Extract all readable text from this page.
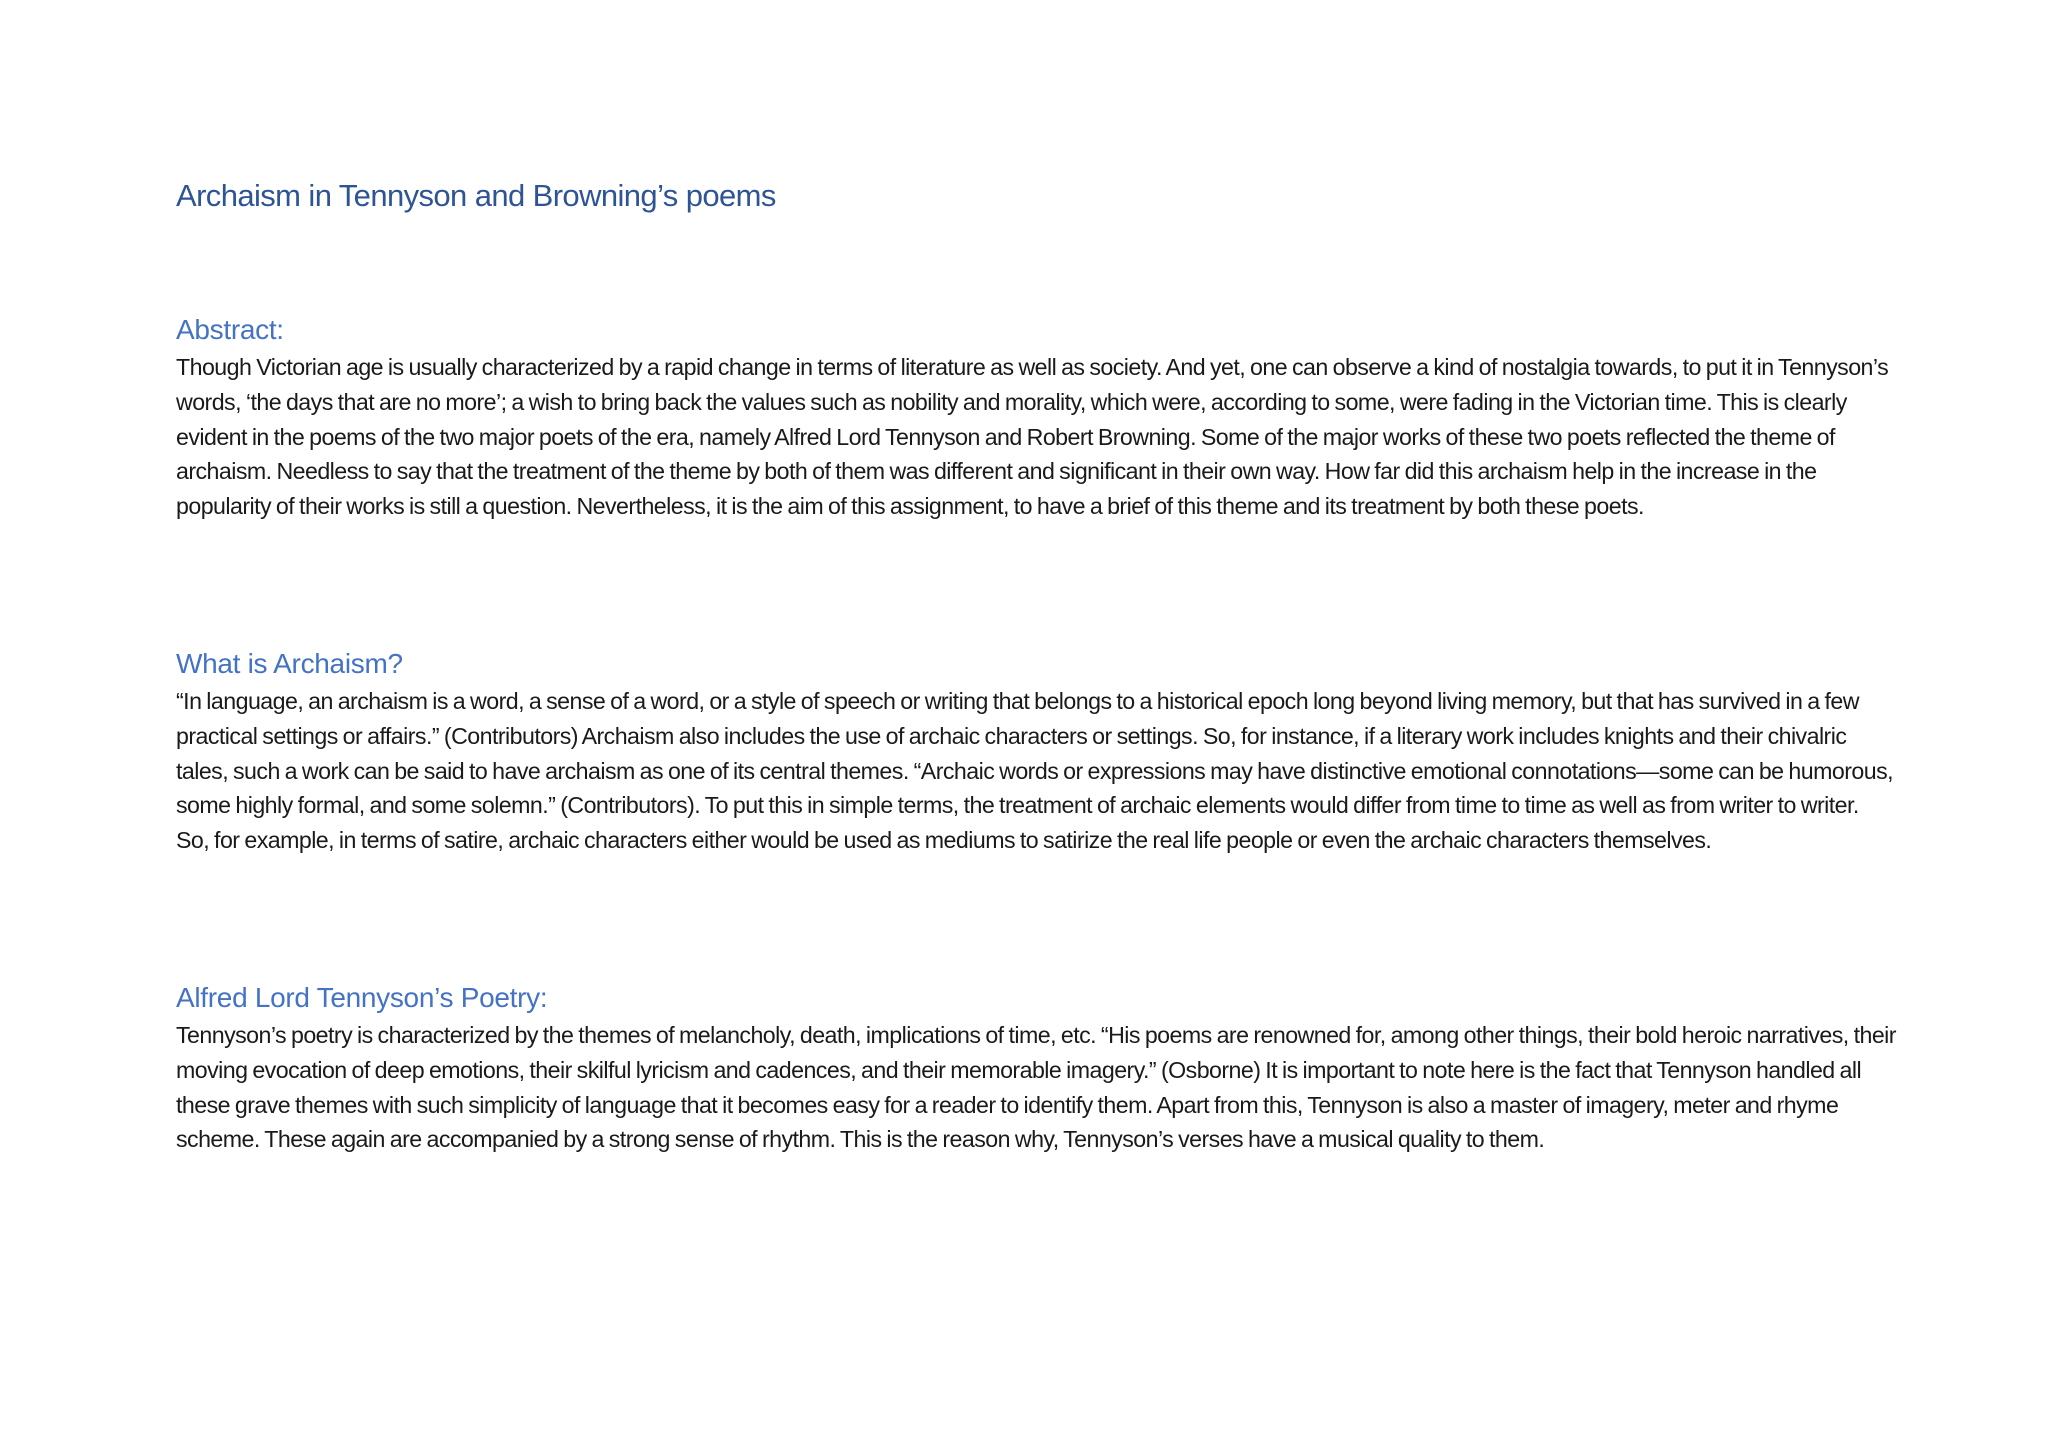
Archaism in Tennyson and Browning’s poems
Abstract:

Though Victorian age is usually characterized by a rapid change in terms of literature as well as society. And yet, one can observe a kind of nostalgia towards, to put it in Tennyson’s words, ‘the days that are no more’; a wish to bring back the values such as nobility and morality, which were, according to some, were fading in the Victorian time. This is clearly evident in the poems of the two major poets of the era, namely Alfred Lord Tennyson and Robert Browning. Some of the major works of these two poets reflected the theme of archaism. Needless to say that the treatment of the theme by both of them was different and significant in their own way. How far did this archaism help in the increase in the popularity of their works is still a question. Nevertheless, it is the aim of this assignment, to have a brief of this theme and its treatment by both these poets.

What is Archaism?

“In language, an archaism is a word, a sense of a word, or a style of speech or writing that belongs to a historical epoch long beyond living memory, but that has survived in a few practical settings or affairs.” (Contributors) Archaism also includes the use of archaic characters or settings. So, for instance, if a literary work includes knights and their chivalric tales, such a work can be said to have archaism as one of its central themes. “Archaic words or expressions may have distinctive emotional connotations—some can be humorous, some highly formal, and some solemn.” (Contributors). To put this in simple terms, the treatment of archaic elements would differ from time to time as well as from writer to writer. So, for example, in terms of satire, archaic characters either would be used as mediums to satirize the real life people or even the archaic characters themselves.

Alfred Lord Tennyson’s Poetry:

Tennyson’s poetry is characterized by the themes of melancholy, death, implications of time, etc. “His poems are renowned for, among other things, their bold heroic narratives, their moving evocation of deep emotions, their skilful lyricism and cadences, and their memorable imagery.” (Osborne) It is important to note here is the fact that Tennyson handled all these grave themes with such simplicity of language that it becomes easy for a reader to identify them. Apart from this, Tennyson is also a master of imagery, meter and rhyme scheme. These again are accompanied by a strong sense of rhythm. This is the reason why, Tennyson’s verses have a musical quality to them.
